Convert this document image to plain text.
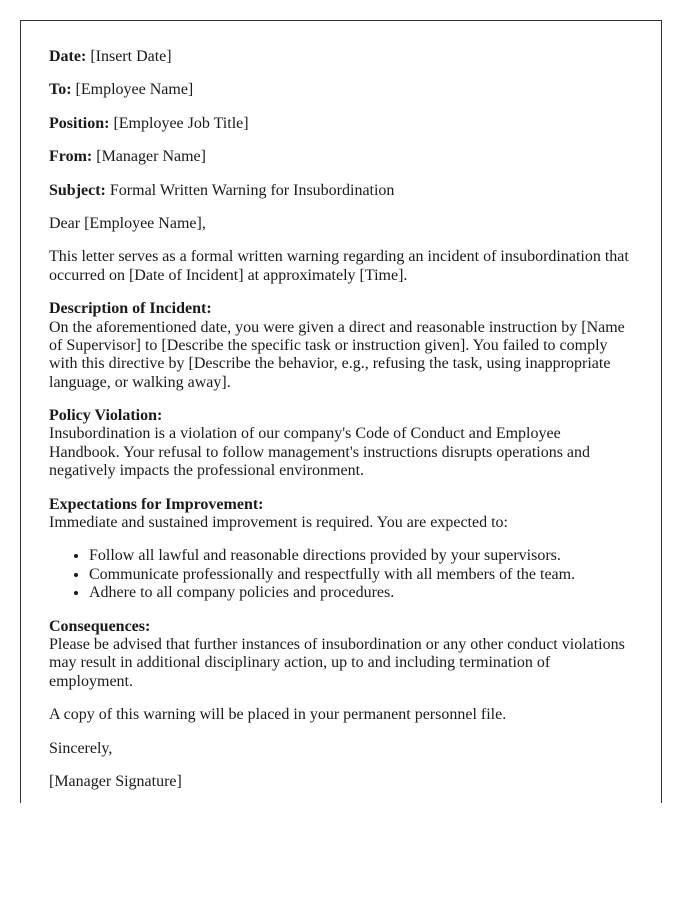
Date: [Insert Date]

To: [Employee Name]

Position: [Employee Job Title]

From: [Manager Name]

Subject: Formal Written Warning for Insubordination

Dear [Employee Name],

This letter serves as a formal written warning regarding an incident of insubordination that occurred on [Date of Incident] at approximately [Time].

Description of Incident:
On the aforementioned date, you were given a direct and reasonable instruction by [Name of Supervisor] to [Describe the specific task or instruction given]. You failed to comply with this directive by [Describe the behavior, e.g., refusing the task, using inappropriate language, or walking away].

Policy Violation:
Insubordination is a violation of our company's Code of Conduct and Employee Handbook. Your refusal to follow management's instructions disrupts operations and negatively impacts the professional environment.

Expectations for Improvement:
Immediate and sustained improvement is required. You are expected to:

• Follow all lawful and reasonable directions provided by your supervisors.
• Communicate professionally and respectfully with all members of the team.
• Adhere to all company policies and procedures.

Consequences:
Please be advised that further instances of insubordination or any other conduct violations may result in additional disciplinary action, up to and including termination of employment.

A copy of this warning will be placed in your permanent personnel file.

Sincerely,

[Manager Signature]
